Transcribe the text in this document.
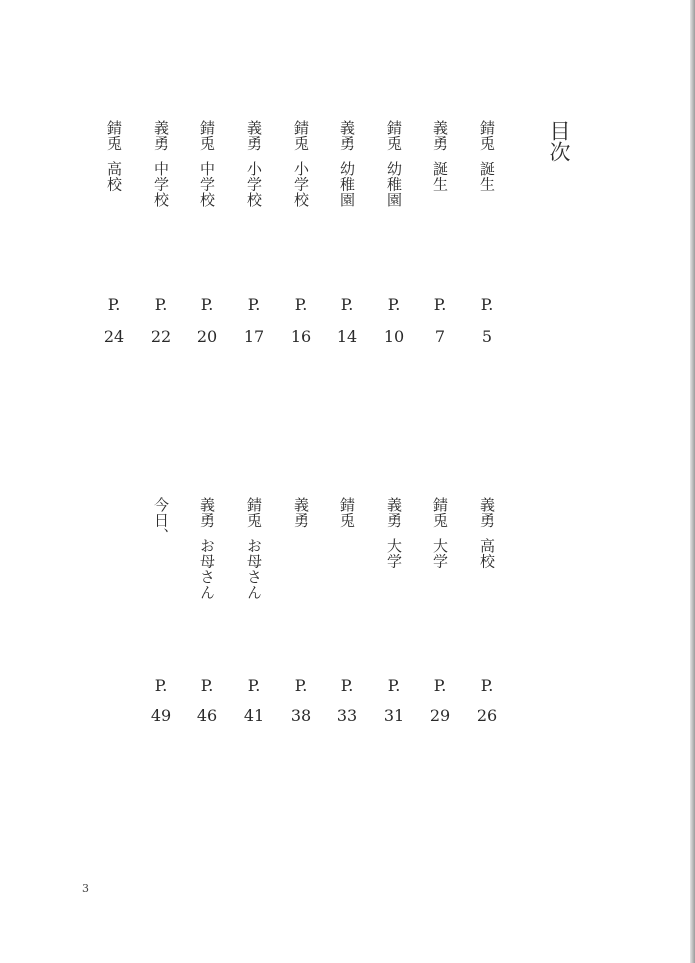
目次
錆兎誕生
P.
5
義勇誕生
P.
7
錆兎幼稚園
P.
10
義勇幼稚園
P.
14
錆兎小学校
P.
16
義勇小学校
P.
17
錆兎中学校
P.
20
義勇中学校
P.
22
錆兎高校
P.
24
義勇高校
P.
26
錆兎大学
P.
29
義勇大学
P.
31
錆兎
P.
33
義勇
P.
38
錆兎お母さん
P.
41
義勇お母さん
P.
46
今日、
P.
49
3
